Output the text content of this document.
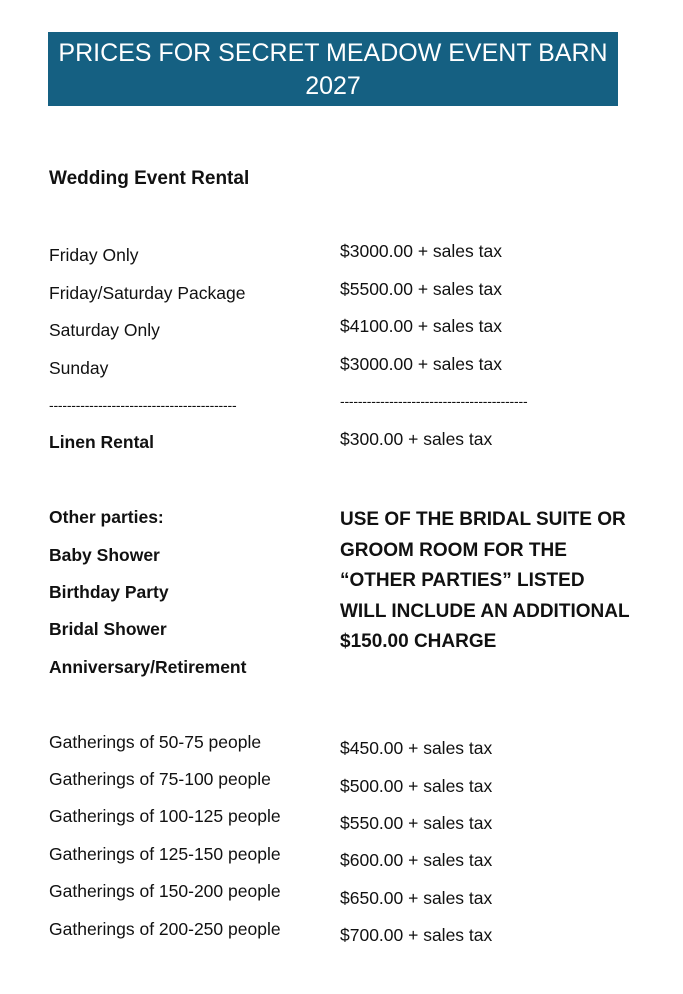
PRICES FOR SECRET MEADOW EVENT BARN
2027
Wedding Event Rental
Friday Only	$3000.00 + sales tax
Friday/Saturday Package	$5500.00 + sales tax
Saturday Only	$4100.00 + sales tax
Sunday	$3000.00 + sales tax
------------------------------------------	------------------------------------------
Linen Rental	$300.00 + sales tax
Other parties:
Baby Shower
Birthday Party
Bridal Shower
Anniversary/Retirement
USE OF THE BRIDAL SUITE OR GROOM ROOM FOR THE “OTHER PARTIES” LISTED WILL INCLUDE AN ADDITIONAL $150.00 CHARGE
Gatherings of 50-75 people	$450.00 + sales tax
Gatherings of 75-100 people	$500.00 + sales tax
Gatherings of 100-125 people	$550.00 + sales tax
Gatherings of 125-150 people	$600.00 + sales tax
Gatherings of 150-200 people	$650.00 + sales tax
Gatherings of 200-250 people	$700.00 + sales tax
